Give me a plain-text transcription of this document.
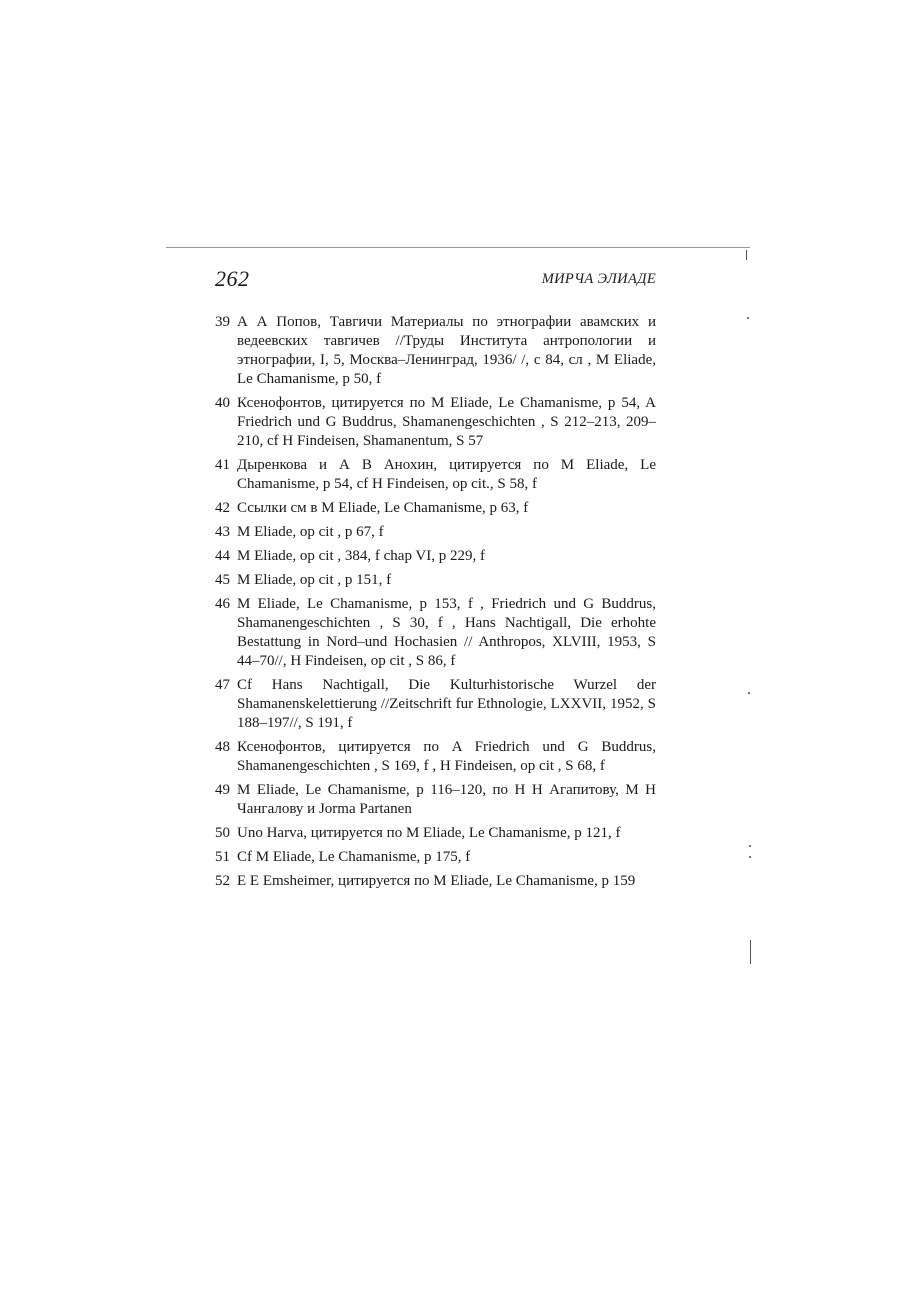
262	МИРЧА ЭЛИАДЕ
39 А А Попов, Тавгичи Материалы по этнографии авамских и ведеевских тавгичев //Труды Института антропологии и этнографии, I, 5, Москва–Ленинград, 1936/ /, с 84, сл , M Eliade, Le Chamanisme, p 50, f
40 Ксенофонтов, цитируется по M Eliade, Le Chamanisme, p 54, A Friedrich und G Buddrus, Shamanengeschichten , S 212–213, 209–210, cf H Findeisen, Shamanentum, S 57
41 Дыренкова и А В Анохин, цитируется по M Eliade, Le Chamanisme, p 54, cf H Findeisen, op cit., S 58, f
42 Ссылки см в M Eliade, Le Chamanisme, p 63, f
43 M Eliade, op cit , p 67, f
44 M Eliade, op cit , 384, f chap VI, p 229, f
45 M Eliade, op cit , p 151, f
46 M Eliade, Le Chamanisme, p 153, f , Friedrich und G Buddrus, Shamanengeschichten , S 30, f , Hans Nachtigall, Die erhohte Bestattung in Nord–und Hochasien // Anthropos, XLVIII, 1953, S 44–70//, H Findeisen, op cit , S 86, f
47 Cf Hans Nachtigall, Die Kulturhistorische Wurzel der Shamanenskelettierung //Zeitschrift fur Ethnologie, LXXVII, 1952, S 188–197//, S 191, f
48 Ксенофонтов, цитируется по A Friedrich und G Buddrus, Shamanengeschichten , S 169, f , H Findeisen, op cit , S 68, f
49 M Eliade, Le Chamanisme, p 116–120, по Н Н Агапитову, М Н Чангалову и Jorma Partanen
50 Uno Harva, цитируется по M Eliade, Le Chamanisme, p 121, f
51 Cf M Eliade, Le Chamanisme, p 175, f
52 E E Emsheimer, цитируется по M Eliade, Le Chamanisme, p 159
